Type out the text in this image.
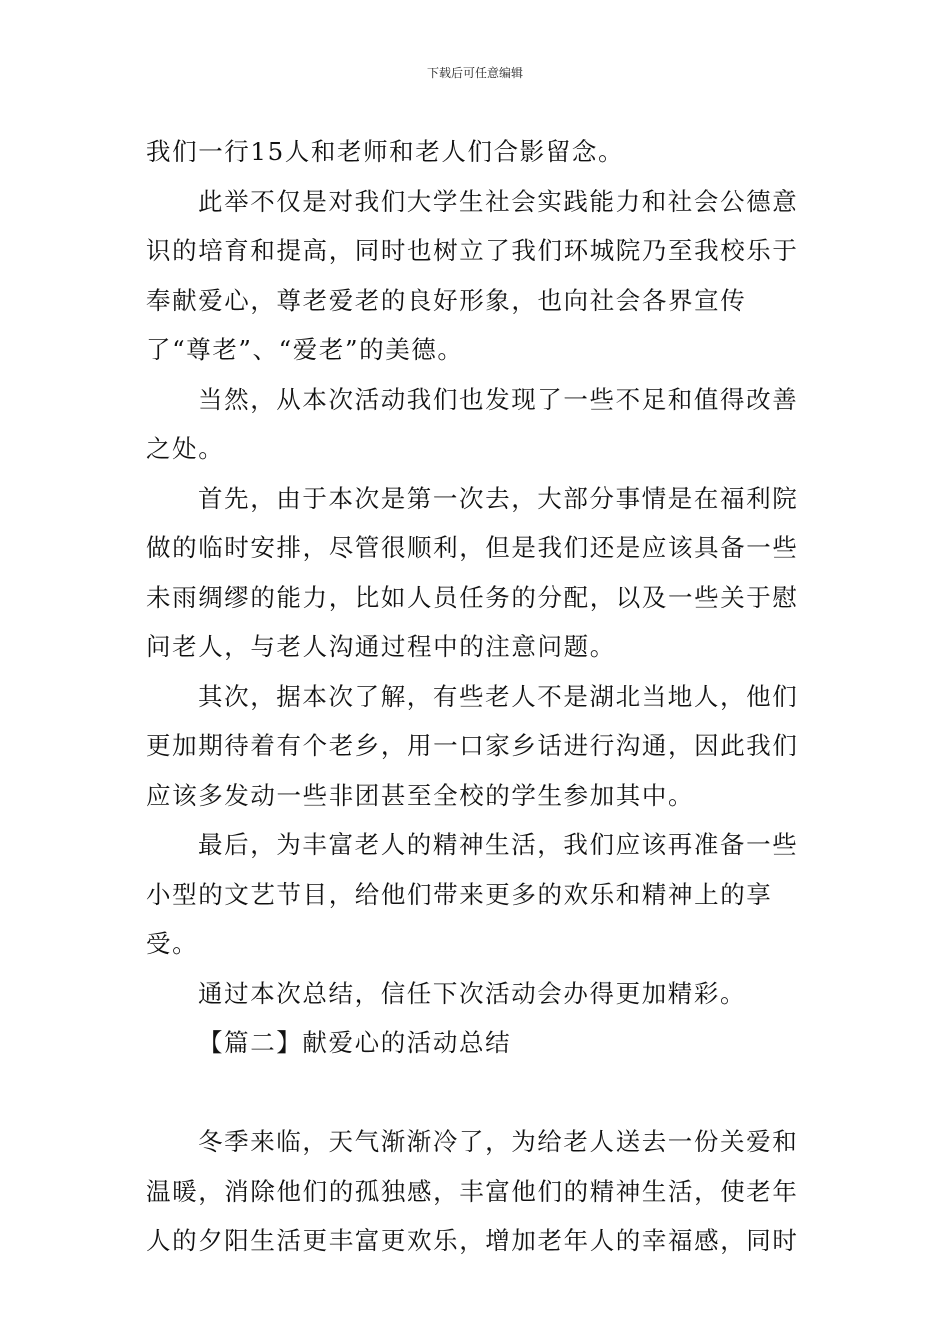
下载后可任意编辑

我们一行15人和老师和老人们合影留念。

此举不仅是对我们大学生社会实践能力和社会公德意识的培育和提高，同时也树立了我们环城院乃至我校乐于奉献爱心，尊老爱老的良好形象，也向社会各界宣传了“尊老”、“爱老”的美德。

当然，从本次活动我们也发现了一些不足和值得改善之处。

首先，由于本次是第一次去，大部分事情是在福利院做的临时安排，尽管很顺利，但是我们还是应该具备一些未雨绸缪的能力，比如人员任务的分配，以及一些关于慰问老人，与老人沟通过程中的注意问题。

其次，据本次了解，有些老人不是湖北当地人，他们更加期待着有个老乡，用一口家乡话进行沟通，因此我们应该多发动一些非团甚至全校的学生参加其中。

最后，为丰富老人的精神生活，我们应该再准备一些小型的文艺节目，给他们带来更多的欢乐和精神上的享受。

通过本次总结，信任下次活动会办得更加精彩。

【篇二】献爱心的活动总结

冬季来临，天气渐渐冷了，为给老人送去一份关爱和温暖，消除他们的孤独感，丰富他们的精神生活，使老年人的夕阳生活更丰富更欢乐，增加老年人的幸福感，同时
